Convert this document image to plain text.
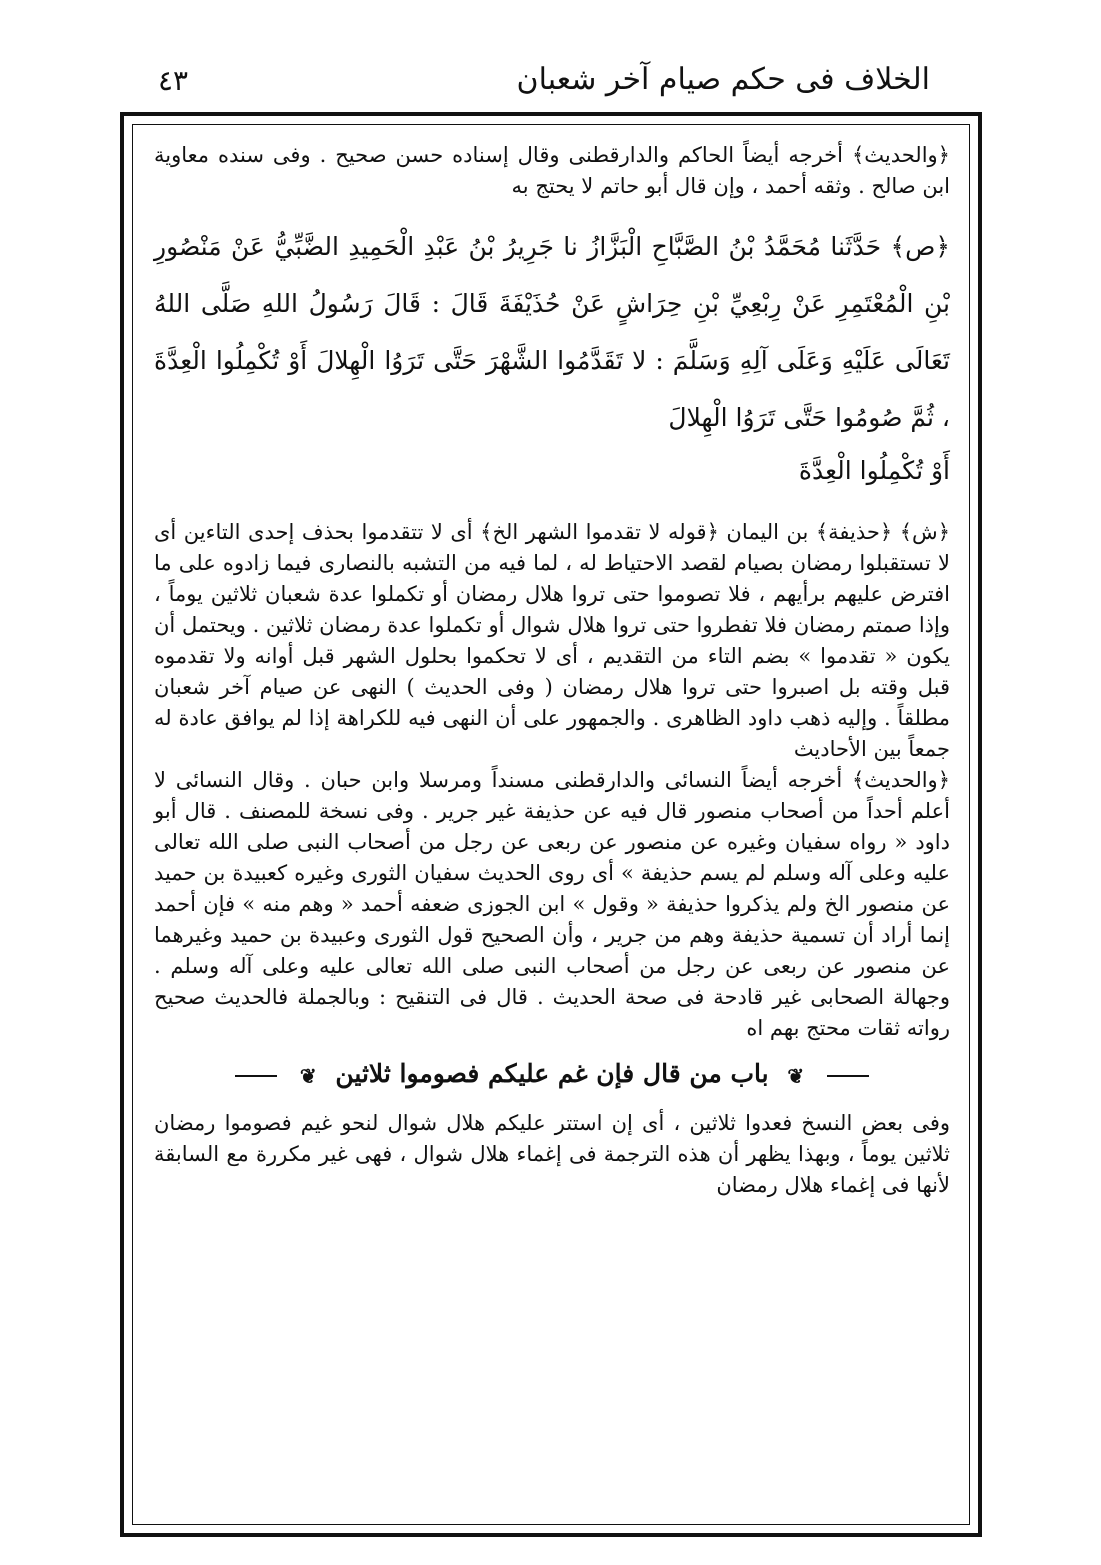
٤٣	الخلاف فى حكم صيام آخر شعبان

﴿والحديث﴾ أخرجه أيضاً الحاكم والدارقطنى وقال إسناده حسن صحيح . وفى سنده معاوية ابن صالح . وثقه أحمد ، وإن قال أبو حاتم لا يحتج به

﴿ص﴾ حَدَّثَنا مُحَمَّدُ بْنُ الصَّبَّاحِ الْبَزَّازُ نا جَرِيرُ بْنُ عَبْدِ الْحَمِيدِ الضَّبِّيُّ عَنْ مَنْصُورِ بْنِ الْمُعْتَمِرِ عَنْ رِبْعِيِّ بْنِ حِرَاشٍ عَنْ حُذَيْفَةَ قَالَ : قَالَ رَسُولُ اللهِ صَلَّى اللهُ تَعَالَى عَلَيْهِ وَعَلَى آلِهِ وَسَلَّمَ : لا تَقَدَّمُوا الشَّهْرَ حَتَّى تَرَوُا الْهِلالَ أَوْ تُكْمِلُوا الْعِدَّةَ ، ثُمَّ صُومُوا حَتَّى تَرَوُا الْهِلالَ

أَوْ تُكْمِلُوا الْعِدَّةَ

﴿ش﴾ ﴿حذيفة﴾ بن اليمان ﴿قوله لا تقدموا الشهر الخ﴾ أى لا تتقدموا بحذف إحدى التاءين أى لا تستقبلوا رمضان بصيام لقصد الاحتياط له ، لما فيه من التشبه بالنصارى فيما زادوه على ما افترض عليهم برأيهم ، فلا تصوموا حتى تروا هلال رمضان أو تكملوا عدة شعبان ثلاثين يوماً ، وإذا صمتم رمضان فلا تفطروا حتى تروا هلال شوال أو تكملوا عدة رمضان ثلاثين . ويحتمل أن يكون « تقدموا » بضم التاء من التقديم ، أى لا تحكموا بحلول الشهر قبل أوانه ولا تقدموه قبل وقته بل اصبروا حتى تروا هلال رمضان ( وفى الحديث ) النهى عن صيام آخر شعبان مطلقاً . وإليه ذهب داود الظاهرى . والجمهور على أن النهى فيه للكراهة إذا لم يوافق عادة له جمعاً بين الأحاديث

﴿والحديث﴾ أخرجه أيضاً النسائى والدارقطنى مسنداً ومرسلا وابن حبان . وقال النسائى لا أعلم أحداً من أصحاب منصور قال فيه عن حذيفة غير جرير . وفى نسخة للمصنف . قال أبو داود « رواه سفيان وغيره عن منصور عن ربعى عن رجل من أصحاب النبى صلى الله تعالى عليه وعلى آله وسلم لم يسم حذيفة » أى روى الحديث سفيان الثورى وغيره كعبيدة بن حميد عن منصور الخ ولم يذكروا حذيفة « وقول » ابن الجوزى ضعفه أحمد « وهم منه » فإن أحمد إنما أراد أن تسمية حذيفة وهم من جرير ، وأن الصحيح قول الثورى وعبيدة بن حميد وغيرهما عن منصور عن ربعى عن رجل من أصحاب النبى صلى الله تعالى عليه وعلى آله وسلم . وجهالة الصحابى غير قادحة فى صحة الحديث . قال فى التنقيح : وبالجملة فالحديث صحيح رواته ثقات محتج بهم اه

❦ باب من قال فإن غم عليكم فصوموا ثلاثين ❦

وفى بعض النسخ فعدوا ثلاثين ، أى إن استتر عليكم هلال شوال لنحو غيم فصوموا رمضان ثلاثين يوماً ، وبهذا يظهر أن هذه الترجمة فى إغماء هلال شوال ، فهى غير مكررة مع السابقة لأنها فى إغماء هلال رمضان
